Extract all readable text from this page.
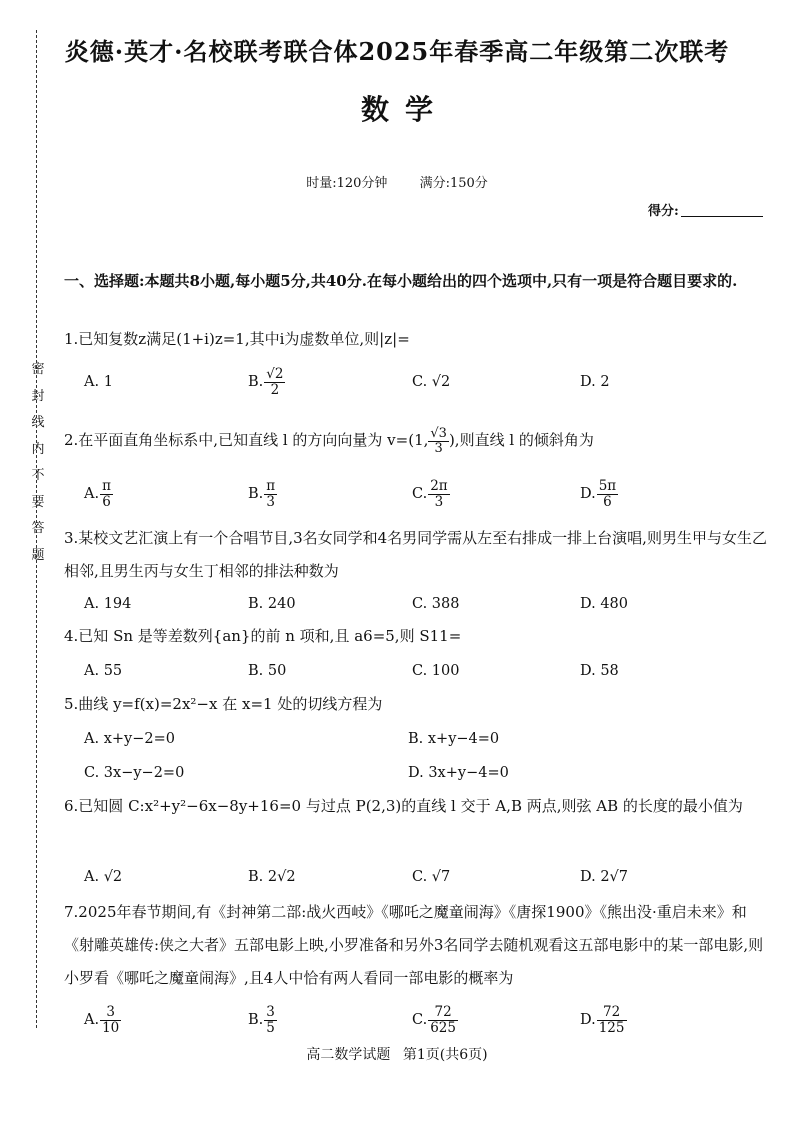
密
封
线
内
不
要
答
题
炎德·英才·名校联考联合体2025年春季高二年级第二次联考
数学
时量:120分钟 满分:150分
得分:
一、选择题:本题共8小题,每小题5分,共40分.在每小题给出的四个选项中,只有一项是符合题目要求的.
1.已知复数z满足(1+i)z=1,其中i为虚数单位,则|z|=
A. 1	B. $\frac{√2}{2}$	C. √2	D. 2
2.在平面直角坐标系中,已知直线 l 的方向向量为 v=(1, $\frac{√3}{3}$ ),则直线 l 的倾斜角为
A. $\frac{\pi}{6}$	B. $\frac{\pi}{3}$	C. $\frac{2\pi}{3}$	D. $\frac{5\pi}{6}$
3.某校文艺汇演上有一个合唱节目,3名女同学和4名男同学需从左至右排成一排上台演唱,则男生甲与女生乙相邻,且男生丙与女生丁相邻的排法种数为
A. 194	B. 240	C. 388	D. 480
4.已知 Sn 是等差数列{an}的前 n 项和,且 a6=5,则 S11=
A. 55	B. 50	C. 100	D. 58
5.曲线 y=f(x)=2x²−x 在 x=1 处的切线方程为
A. x+y−2=0	B. x+y−4=0
C. 3x−y−2=0	D. 3x+y−4=0
6.已知圆 C:x²+y²−6x−8y+16=0 与过点 P(2,3)的直线 l 交于 A,B 两点,则弦 AB 的长度的最小值为
A. √2	B. 2√2	C. √7	D. 2√7
7.2025年春节期间,有《封神第二部:战火西岐》《哪吒之魔童闹海》《唐探1900》《熊出没·重启未来》和《射雕英雄传:侠之大者》五部电影上映,小罗准备和另外3名同学去随机观看这五部电影中的某一部电影,则小罗看《哪吒之魔童闹海》,且4人中恰有两人看同一部电影的概率为
A. $\frac{3}{10}$	B. $\frac{3}{5}$	C. $\frac{72}{625}$	D. $\frac{72}{125}$
高二数学试题 第1页(共6页)
